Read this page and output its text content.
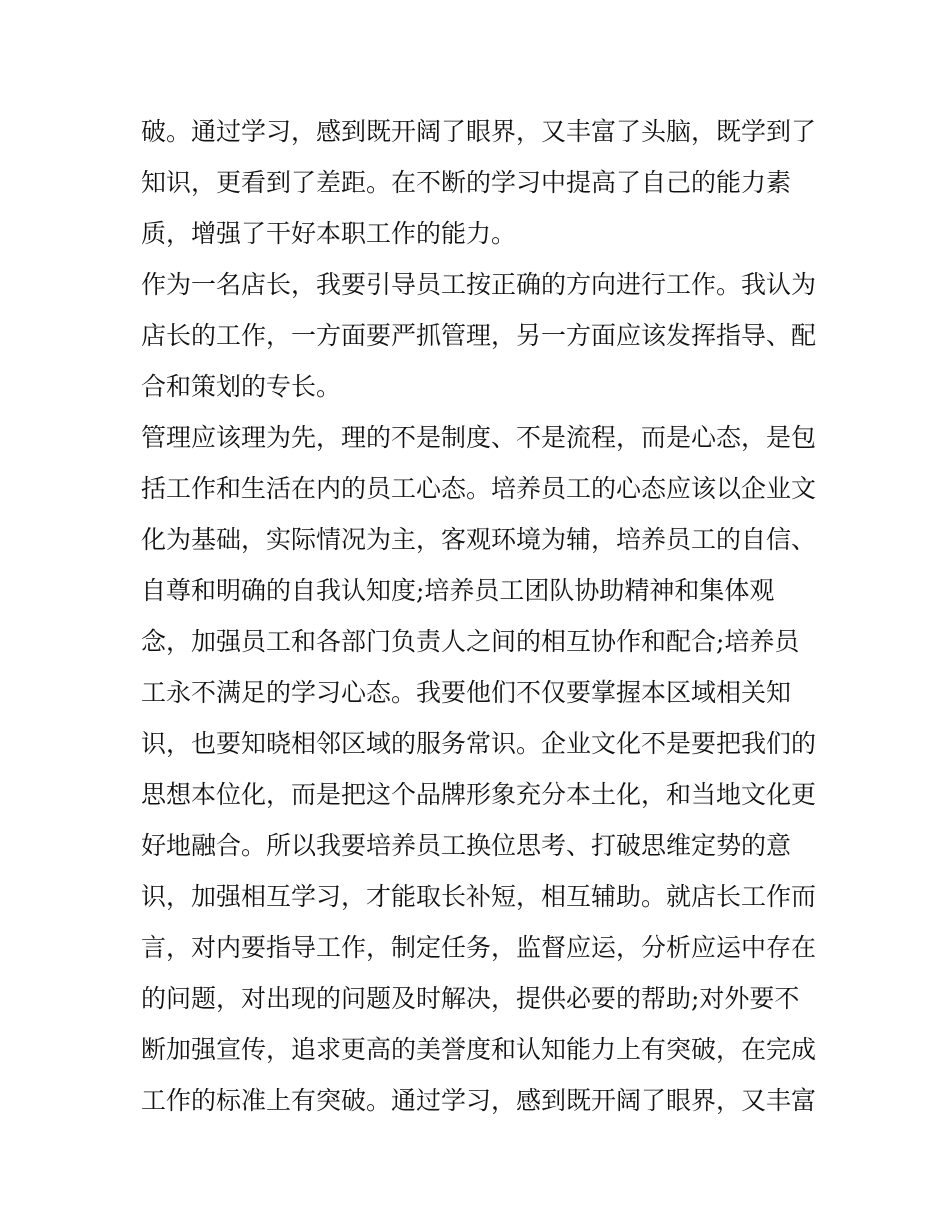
破。通过学习，感到既开阔了眼界，又丰富了头脑，既学到了
知识，更看到了差距。在不断的学习中提高了自己的能力素
质，增强了干好本职工作的能力。
作为一名店长，我要引导员工按正确的方向进行工作。我认为
店长的工作，一方面要严抓管理，另一方面应该发挥指导、配
合和策划的专长。
管理应该理为先，理的不是制度、不是流程，而是心态，是包
括工作和生活在内的员工心态。培养员工的心态应该以企业文
化为基础，实际情况为主，客观环境为辅，培养员工的自信、
自尊和明确的自我认知度;培养员工团队协助精神和集体观
念，加强员工和各部门负责人之间的相互协作和配合;培养员
工永不满足的学习心态。我要他们不仅要掌握本区域相关知
识，也要知晓相邻区域的服务常识。企业文化不是要把我们的
思想本位化，而是把这个品牌形象充分本土化，和当地文化更
好地融合。所以我要培养员工换位思考、打破思维定势的意
识，加强相互学习，才能取长补短，相互辅助。就店长工作而
言，对内要指导工作，制定任务，监督应运，分析应运中存在
的问题，对出现的问题及时解决，提供必要的帮助;对外要不
断加强宣传，追求更高的美誉度和认知能力上有突破，在完成
工作的标准上有突破。通过学习，感到既开阔了眼界，又丰富
